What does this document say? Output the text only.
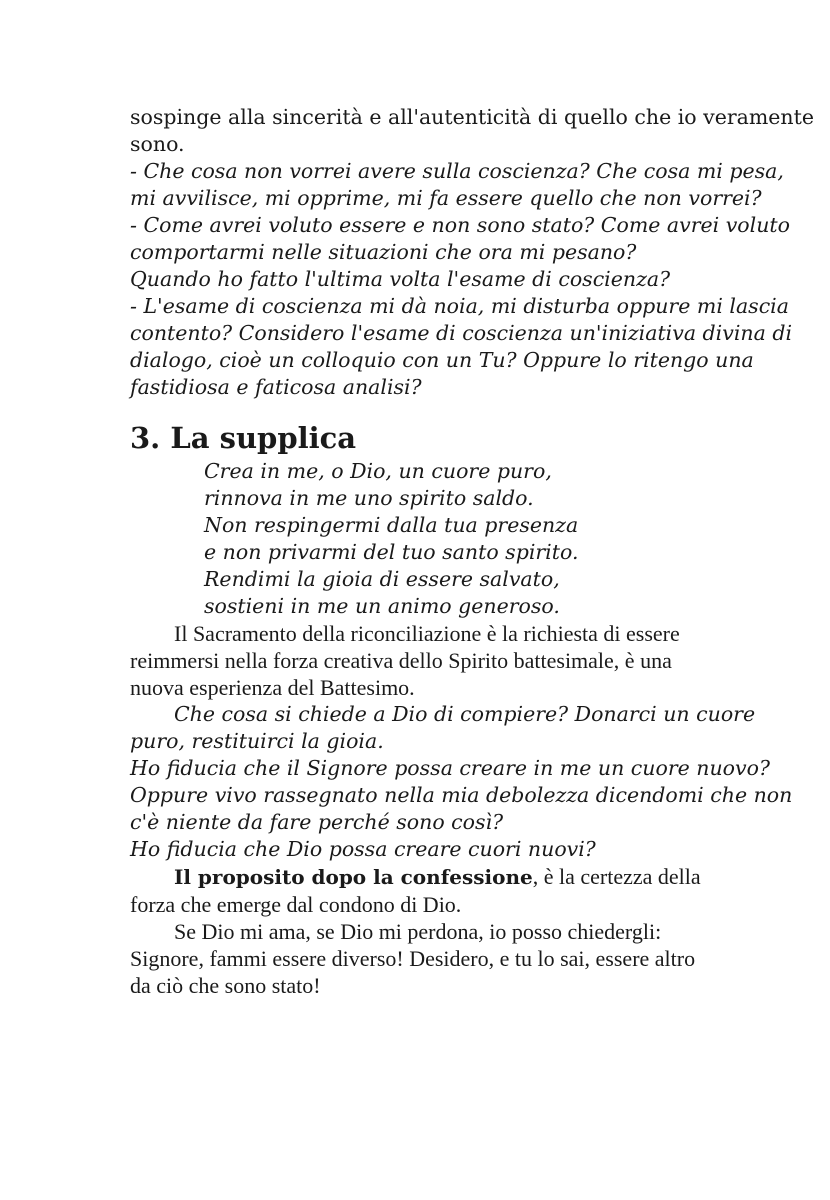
sospinge alla sincerità e all'autenticità di quello che io veramente
sono.
- Che cosa non vorrei avere sulla coscienza? Che cosa mi pesa,
mi avvilisce, mi opprime, mi fa essere quello che non vorrei?
- Come avrei voluto essere e non sono stato? Come avrei voluto
comportarmi nelle situazioni che ora mi pesano?
Quando ho fatto l'ultima volta l'esame di coscienza?
- L'esame di coscienza mi dà noia, mi disturba oppure mi lascia
contento? Considero l'esame di coscienza un'iniziativa divina di
dialogo, cioè un colloquio con un Tu? Oppure lo ritengo una
fastidiosa e faticosa analisi?
3. La supplica
Crea in me, o Dio, un cuore puro,
rinnova in me uno spirito saldo.
Non respingermi dalla tua presenza
e non privarmi del tuo santo spirito.
Rendimi la gioia di essere salvato,
sostieni in me un animo generoso.
Il Sacramento della riconciliazione è la richiesta di essere
reimmersi nella forza creativa dello Spirito battesimale, è una
nuova esperienza del Battesimo.
Che cosa si chiede a Dio di compiere? Donarci un cuore
puro, restituirci la gioia.
Ho fiducia che il Signore possa creare in me un cuore nuovo?
Oppure vivo rassegnato nella mia debolezza dicendomi che non
c'è niente da fare perché sono così?
Ho fiducia che Dio possa creare cuori nuovi?
Il proposito dopo la confessione, è la certezza della
forza che emerge dal condono di Dio.
Se Dio mi ama, se Dio mi perdona, io posso chiedergli:
Signore, fammi essere diverso! Desidero, e tu lo sai, essere altro
da ciò che sono stato!
